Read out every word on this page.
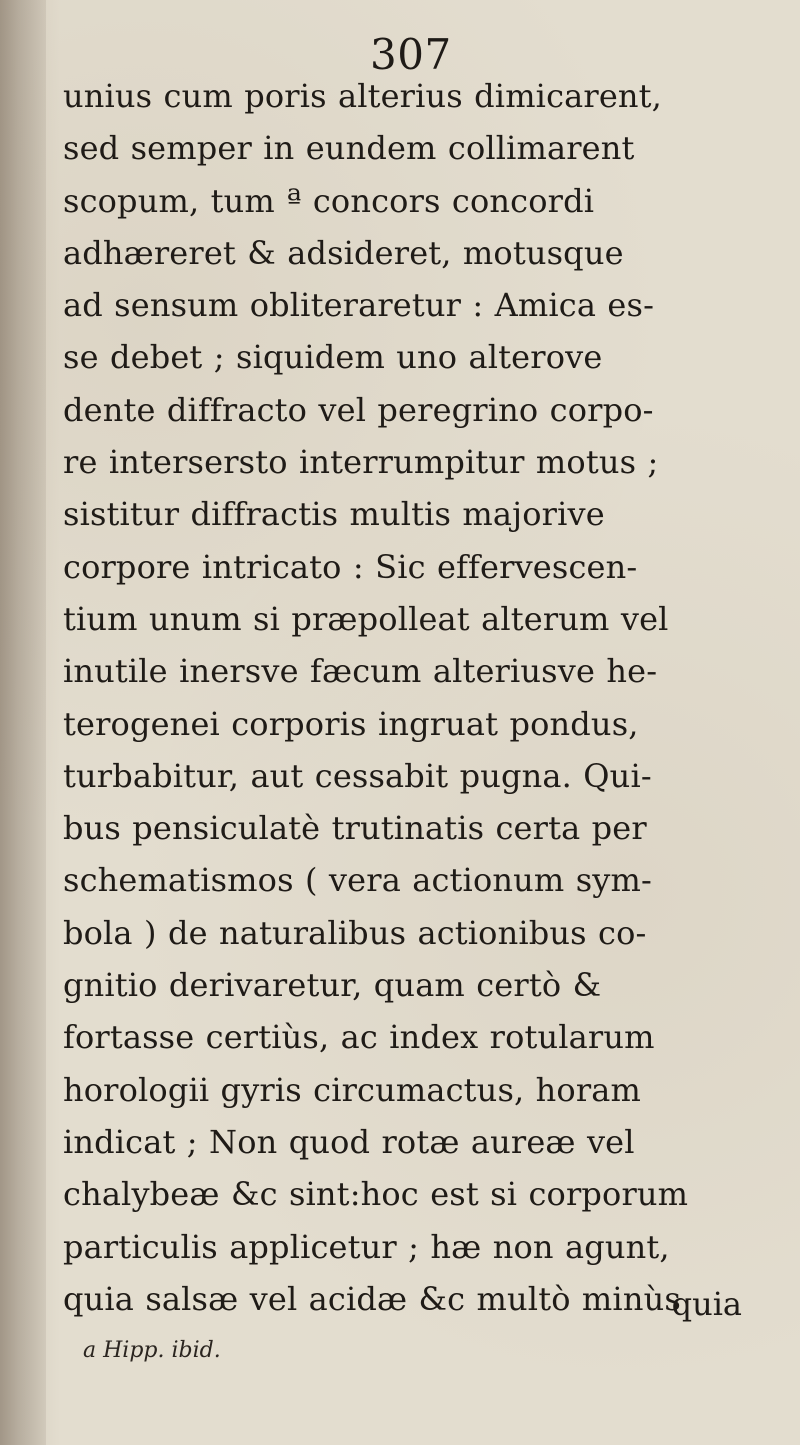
307
unius cum poris alterius dimicarent,
sed semper in eundem collimarent
scopum, tum ª concors concordi
adhæreret & adsideret, motusque
ad sensum obliteraretur : Amica es-
se debet ; siquidem uno alterove
dente diffracto vel peregrino corpo-
re intersersto interrumpitur motus ;
sistitur diffractis multis majorive
corpore intricato : Sic effervescen-
tium unum si præpolleat alterum vel
inutile inersve fæcum alteriusve he-
terogenei corporis ingruat pondus,
turbabitur, aut cessabit pugna. Qui-
bus pensiculatè trutinatis certa per
schematismos ( vera actionum sym-
bola ) de naturalibus actionibus co-
gnitio derivaretur, quam certò &
fortasse certiùs, ac index rotularum
horologii gyris circumactus, horam
indicat ; Non quod rotæ aureæ vel
chalybeæ &c sint:hoc est si corporum
particulis applicetur ; hæ non agunt,
quia salsæ vel acidæ &c multò minùs
quia
a Hipp. ibid.
